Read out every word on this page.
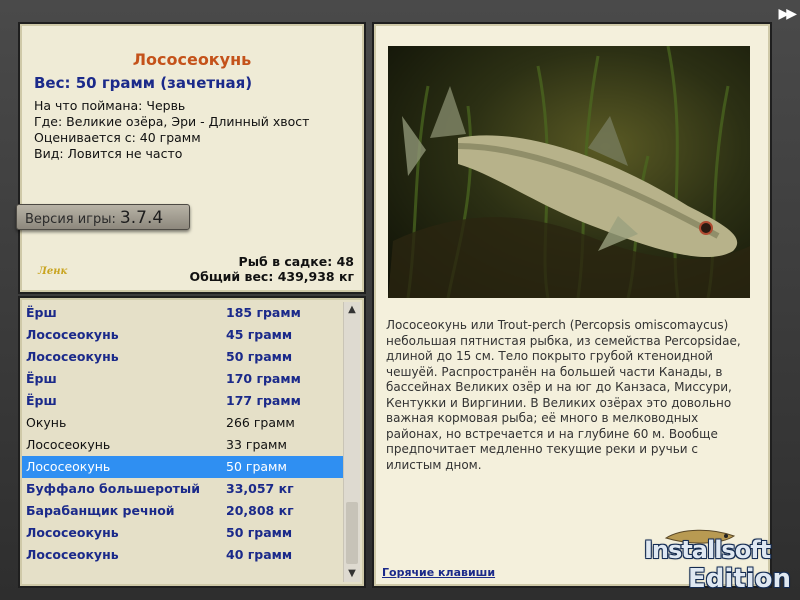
▶▶
Лососеокунь
Вес: 50 грамм (зачетная)
На что поймана: Червь
Где: Великие озёра, Эри - Длинный хвост
Оценивается с: 40 грамм
Вид: Ловится не часто
Версия игры: 3.7.4
Ленк
Рыб в садке: 48
Общий вес: 439,938 кг
Ёрш	185 грамм
Лососеокунь	45 грамм
Лососеокунь	50 грамм
Ёрш	170 грамм
Ёрш	177 грамм
Окунь	266 грамм
Лососеокунь	33 грамм
Лососеокунь	50 грамм
Буффало большеротый 33,057 кг
Барабанщик речной	20,808 кг
Лососеокунь	50 грамм
Лососеокунь	40 грамм
▲
▼
Лососеокунь или Trout-perch (Percopsis omiscomaycus) небольшая пятнистая рыбка, из семейства Percopsidae, длиной до 15 см. Тело покрыто грубой ктеноидной чешуёй. Распространён на большей части Канады, в бассейнах Великих озёр и на юг до Канзаса, Миссури, Кентукки и Виргинии. В Великих озёрах это довольно важная кормовая рыба; её много в мелководных районах, но встречается и на глубине 60 м. Вообще предпочитает медленно текущие реки и ручьи с илистым дном.
Горячие клавиши
Installsoft
Edition
